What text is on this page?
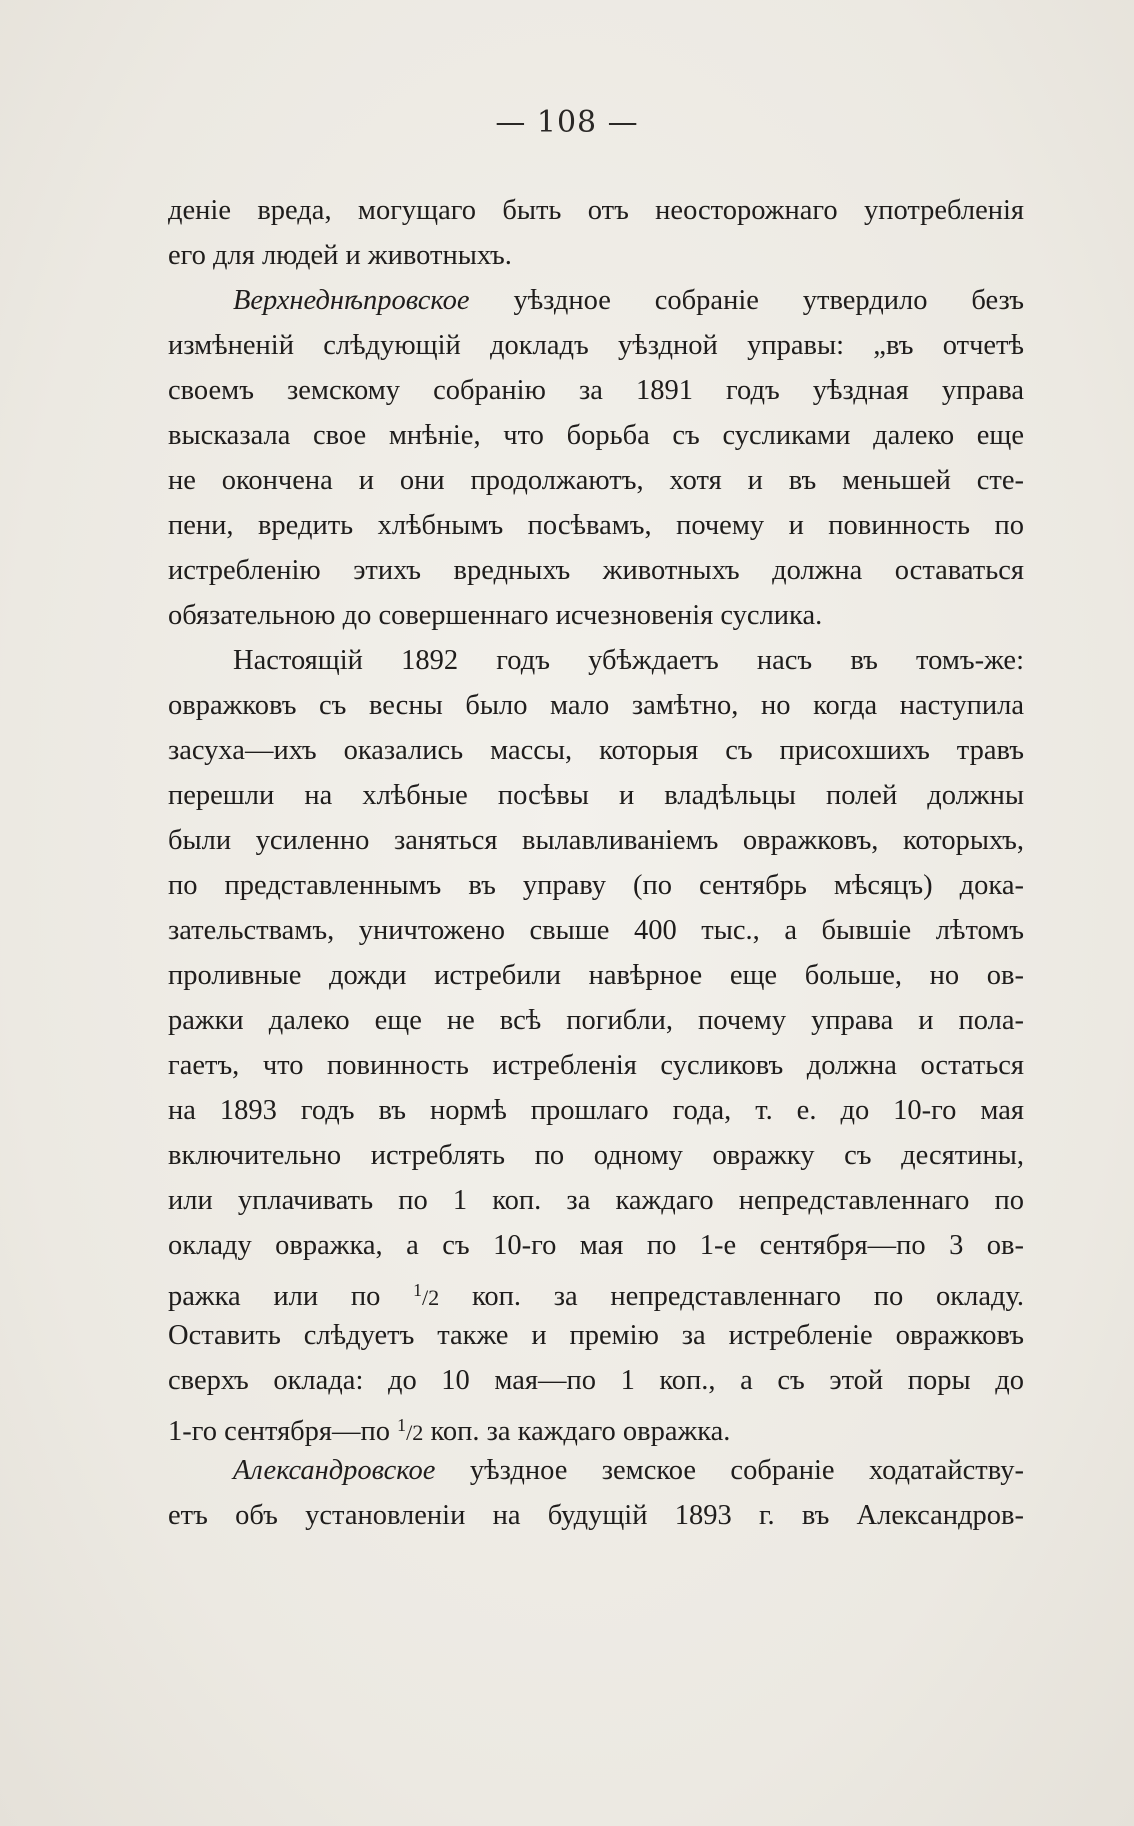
— 108 —
деніе вреда, могущаго быть отъ неосторожнаго употребленія
его для людей и животныхъ.
Верхнеднѣпровское уѣздное собраніе утвердило безъ
измѣненій слѣдующій докладъ уѣздной управы: „въ отчетѣ
своемъ земскому собранію за 1891 годъ уѣздная управа
высказала свое мнѣніе, что борьба съ сусликами далеко еще
не окончена и они продолжаютъ, хотя и въ меньшей сте-
пени, вредить хлѣбнымъ посѣвамъ, почему и повинность по
истребленію этихъ вредныхъ животныхъ должна оставаться
обязательною до совершеннаго исчезновенія суслика.
Настоящій 1892 годъ убѣждаетъ насъ въ томъ-же:
овражковъ съ весны было мало замѣтно, но когда наступила
засуха—ихъ оказались массы, которыя съ присохшихъ травъ
перешли на хлѣбные посѣвы и владѣльцы полей должны
были усиленно заняться вылавливаніемъ овражковъ, которыхъ,
по представленнымъ въ управу (по сентябрь мѣсяцъ) дока-
зательствамъ, уничтожено свыше 400 тыс., а бывшіе лѣтомъ
проливные дожди истребили навѣрное еще больше, но ов-
ражки далеко еще не всѣ погибли, почему управа и пола-
гаетъ, что повинность истребленія сусликовъ должна остаться
на 1893 годъ въ нормѣ прошлаго года, т. е. до 10-го мая
включительно истреблять по одному овражку съ десятины,
или уплачивать по 1 коп. за каждаго непредставленнаго по
окладу овражка, а съ 10-го мая по 1-е сентября—по 3 ов-
ражка или по $^1$/2 коп. за непредставленнаго по окладу.
Оставить слѣдуетъ также и премію за истребленіе овражковъ
сверхъ оклада: до 10 мая—по 1 коп., а съ этой поры до
1-го сентября—по $^1$/2 коп. за каждаго овражка.
Александровское уѣздное земское собраніе ходатайству-
етъ объ установленіи на будущій 1893 г. въ Александров-
